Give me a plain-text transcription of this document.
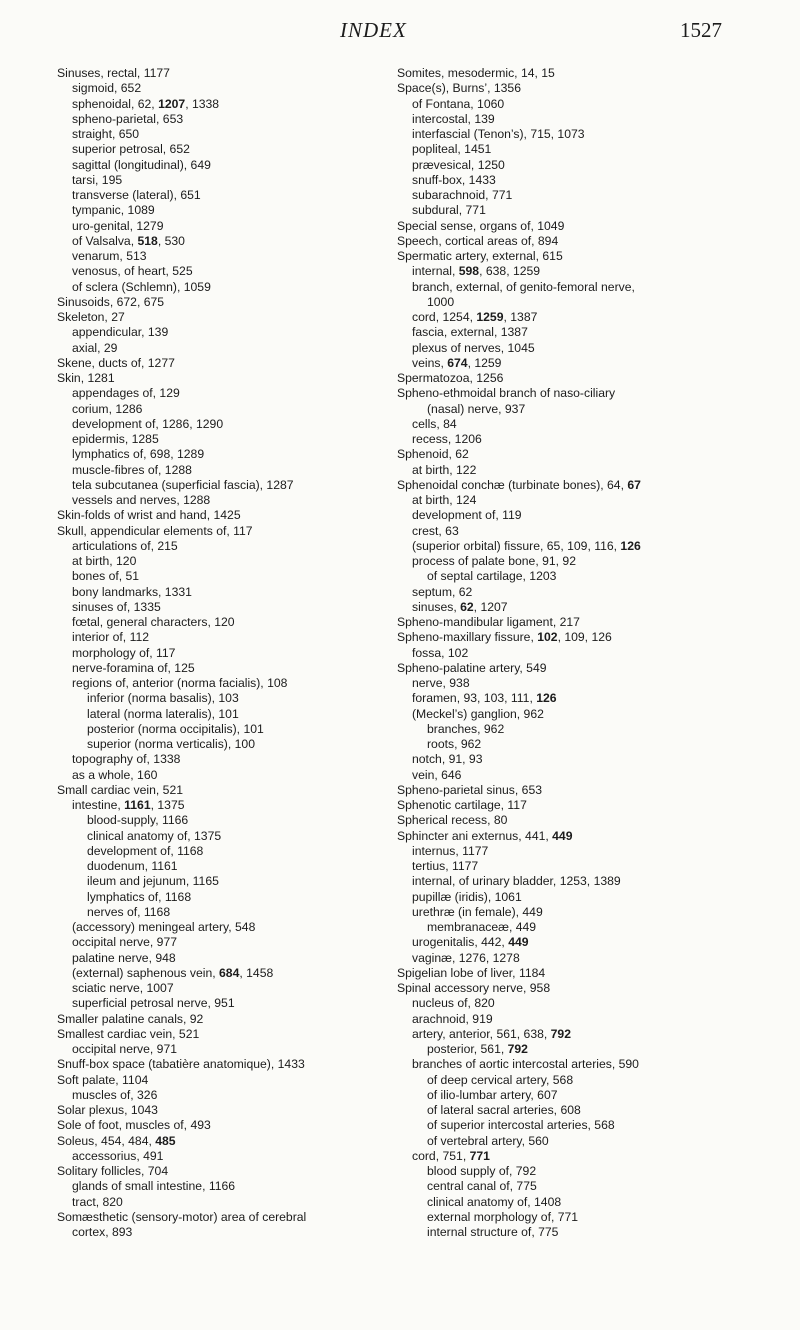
INDEX	1527
Sinuses, rectal, 1177
sigmoid, 652
sphenoidal, 62, 1207, 1338
spheno-parietal, 653
straight, 650
superior petrosal, 652
sagittal (longitudinal), 649
tarsi, 195
transverse (lateral), 651
tympanic, 1089
uro-genital, 1279
of Valsalva, 518, 530
venarum, 513
venosus, of heart, 525
of sclera (Schlemn), 1059
Sinusoids, 672, 675
Skeleton, 27
appendicular, 139
axial, 29
Skene, ducts of, 1277
Skin, 1281
appendages of, 129
corium, 1286
development of, 1286, 1290
epidermis, 1285
lymphatics of, 698, 1289
muscle-fibres of, 1288
tela subcutanea (superficial fascia), 1287
vessels and nerves, 1288
Skin-folds of wrist and hand, 1425
Skull, appendicular elements of, 117
articulations of, 215
at birth, 120
bones of, 51
bony landmarks, 1331
sinuses of, 1335
fœtal, general characters, 120
interior of, 112
morphology of, 117
nerve-foramina of, 125
regions of, anterior (norma facialis), 108
inferior (norma basalis), 103
lateral (norma lateralis), 101
posterior (norma occipitalis), 101
superior (norma verticalis), 100
topography of, 1338
as a whole, 160
Small cardiac vein, 521
intestine, 1161, 1375
blood-supply, 1166
clinical anatomy of, 1375
development of, 1168
duodenum, 1161
ileum and jejunum, 1165
lymphatics of, 1168
nerves of, 1168
(accessory) meningeal artery, 548
occipital nerve, 977
palatine nerve, 948
(external) saphenous vein, 684, 1458
sciatic nerve, 1007
superficial petrosal nerve, 951
Smaller palatine canals, 92
Smallest cardiac vein, 521
occipital nerve, 971
Snuff-box space (tabatière anatomique), 1433
Soft palate, 1104
muscles of, 326
Solar plexus, 1043
Sole of foot, muscles of, 493
Soleus, 454, 484, 485
accessorius, 491
Solitary follicles, 704
glands of small intestine, 1166
tract, 820
Somæsthetic (sensory-motor) area of cerebral
cortex, 893
Somites, mesodermic, 14, 15
Space(s), Burns’, 1356
of Fontana, 1060
intercostal, 139
interfascial (Tenon’s), 715, 1073
popliteal, 1451
prævesical, 1250
snuff-box, 1433
subarachnoid, 771
subdural, 771
Special sense, organs of, 1049
Speech, cortical areas of, 894
Spermatic artery, external, 615
internal, 598, 638, 1259
branch, external, of genito-femoral nerve,
1000
cord, 1254, 1259, 1387
fascia, external, 1387
plexus of nerves, 1045
veins, 674, 1259
Spermatozoa, 1256
Spheno-ethmoidal branch of naso-ciliary
(nasal) nerve, 937
cells, 84
recess, 1206
Sphenoid, 62
at birth, 122
Sphenoidal conchæ (turbinate bones), 64, 67
at birth, 124
development of, 119
crest, 63
(superior orbital) fissure, 65, 109, 116, 126
process of palate bone, 91, 92
of septal cartilage, 1203
septum, 62
sinuses, 62, 1207
Spheno-mandibular ligament, 217
Spheno-maxillary fissure, 102, 109, 126
fossa, 102
Spheno-palatine artery, 549
nerve, 938
foramen, 93, 103, 111, 126
(Meckel’s) ganglion, 962
branches, 962
roots, 962
notch, 91, 93
vein, 646
Spheno-parietal sinus, 653
Sphenotic cartilage, 117
Spherical recess, 80
Sphincter ani externus, 441, 449
internus, 1177
tertius, 1177
internal, of urinary bladder, 1253, 1389
pupillæ (iridis), 1061
urethræ (in female), 449
membranaceæ, 449
urogenitalis, 442, 449
vaginæ, 1276, 1278
Spigelian lobe of liver, 1184
Spinal accessory nerve, 958
nucleus of, 820
arachnoid, 919
artery, anterior, 561, 638, 792
posterior, 561, 792
branches of aortic intercostal arteries, 590
of deep cervical artery, 568
of ilio-lumbar artery, 607
of lateral sacral arteries, 608
of superior intercostal arteries, 568
of vertebral artery, 560
cord, 751, 771
blood supply of, 792
central canal of, 775
clinical anatomy of, 1408
external morphology of, 771
internal structure of, 775
